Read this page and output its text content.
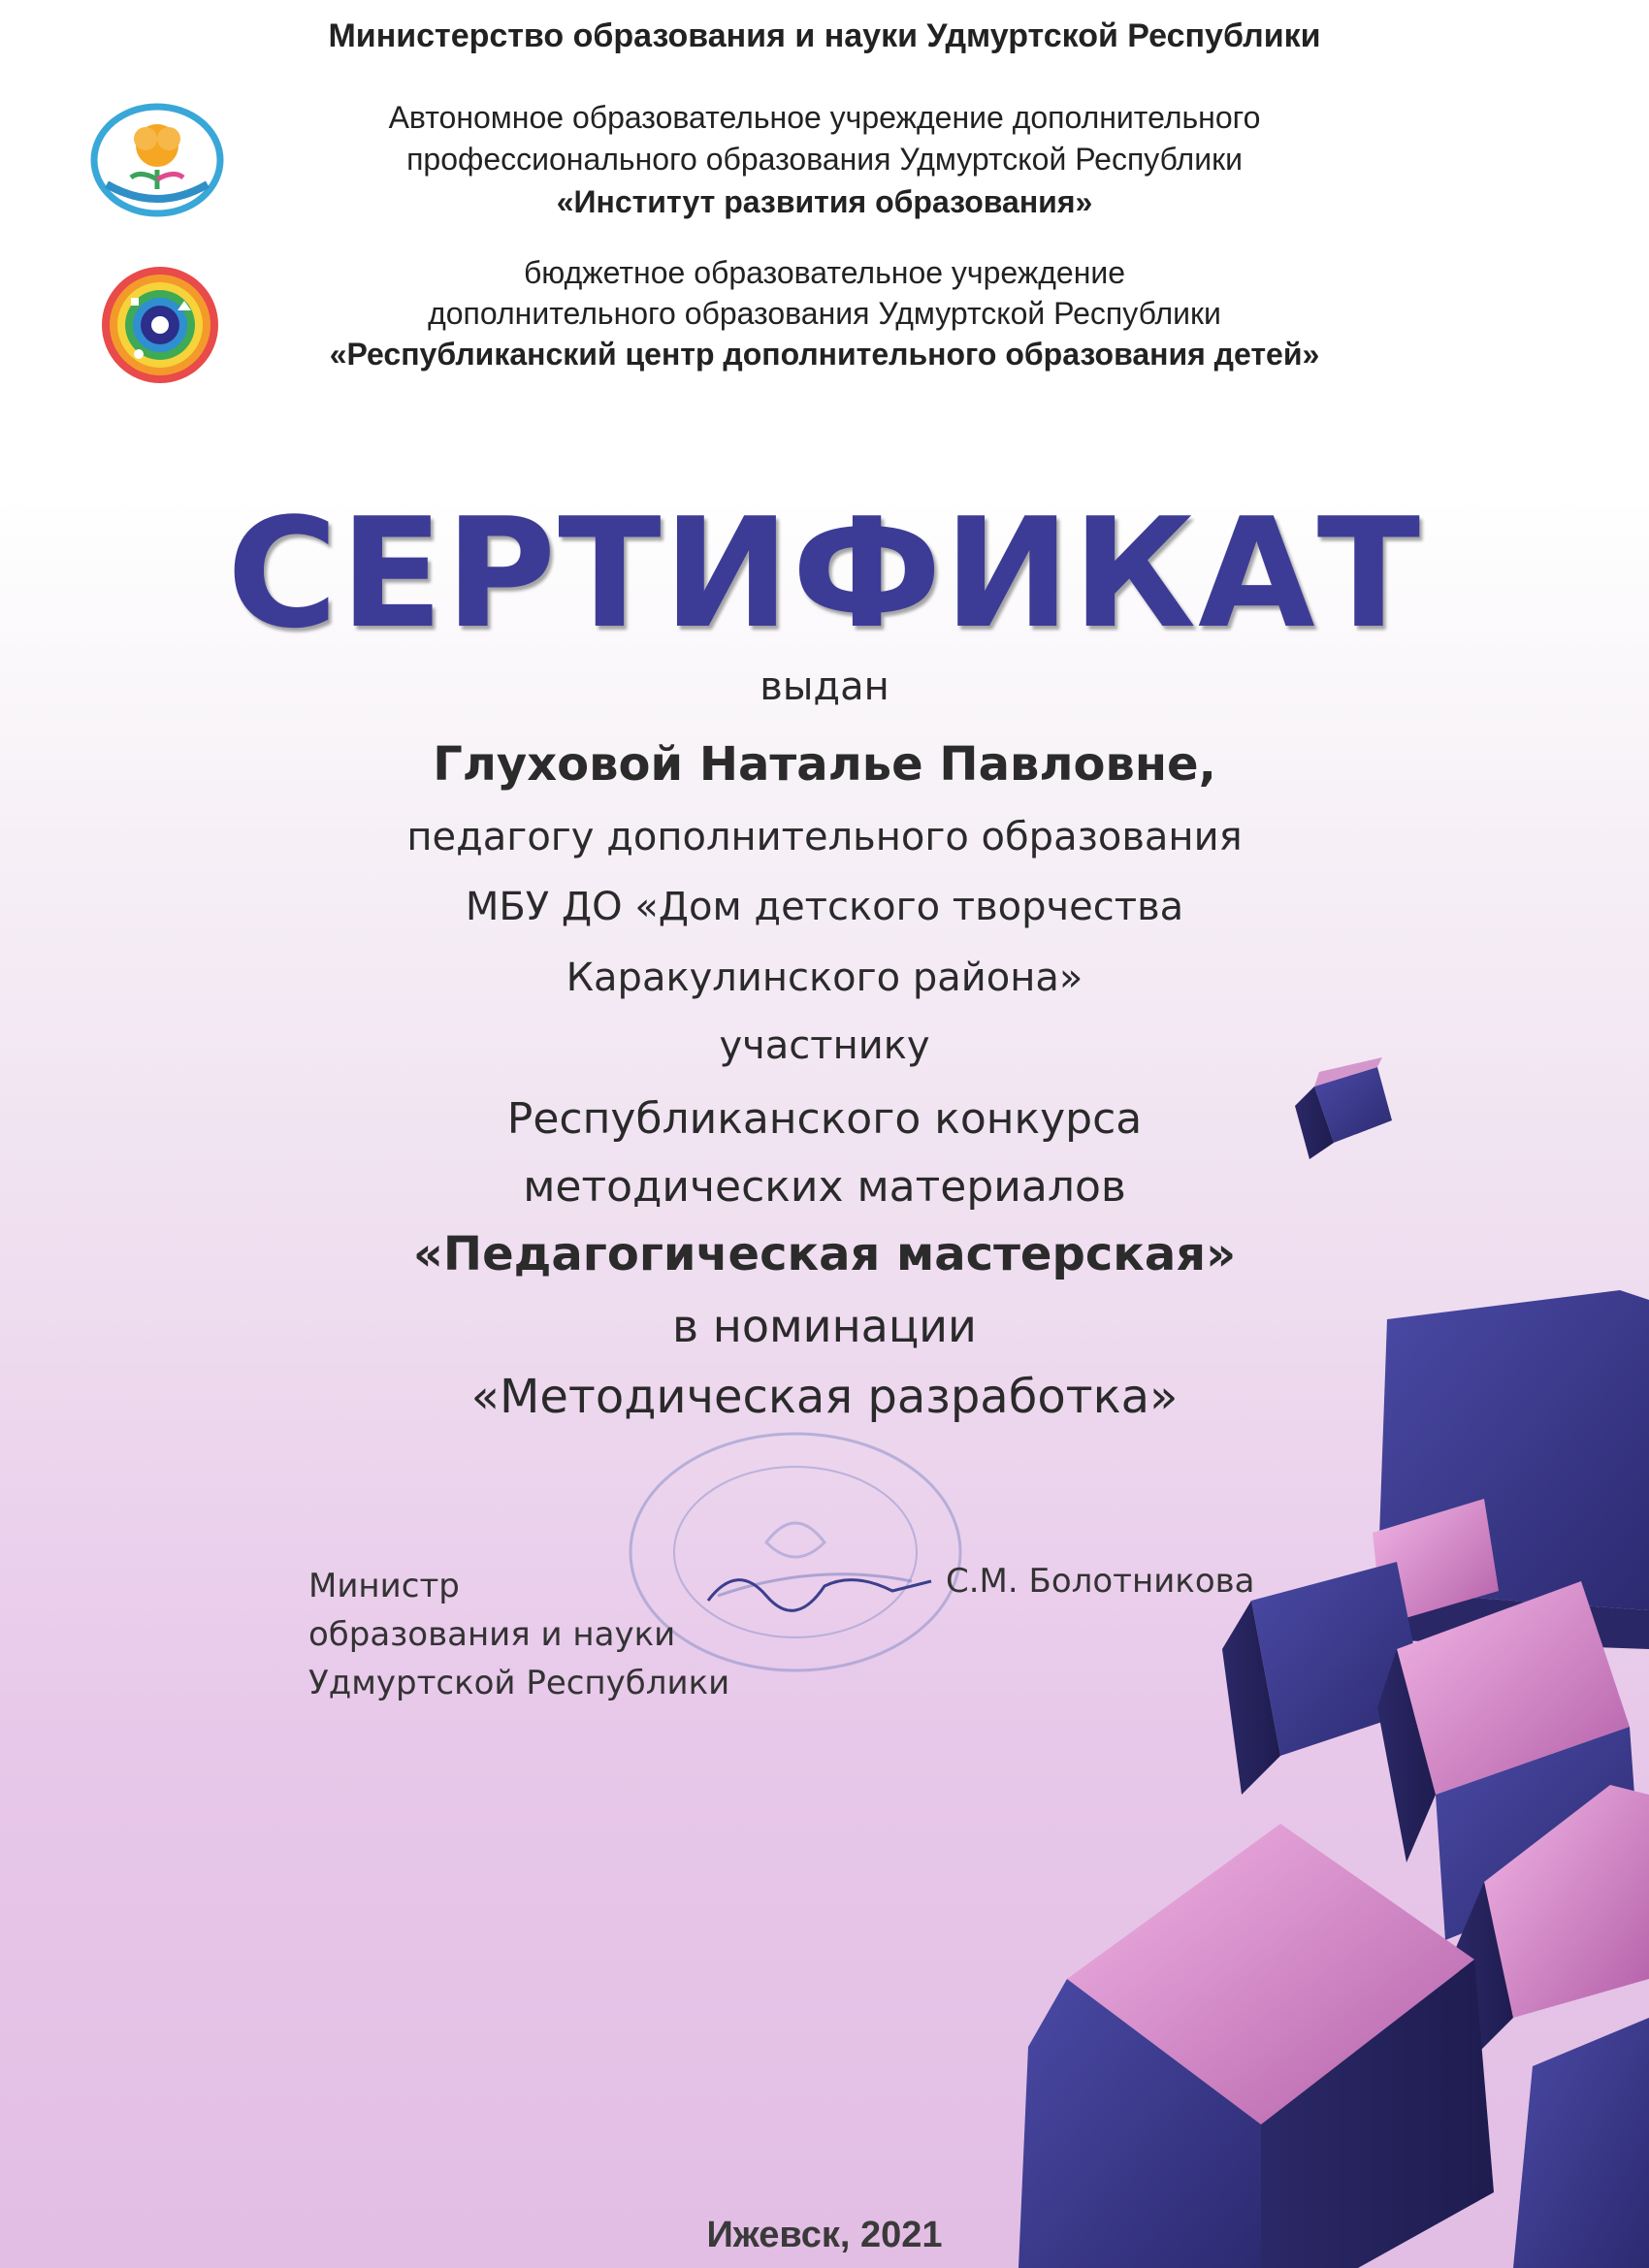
Министерство образования и науки Удмуртской Республики
Автономное образовательное учреждение дополнительного
профессионального образования Удмуртской Республики
«Институт развития образования»
бюджетное образовательное учреждение
дополнительного образования Удмуртской Республики
«Республиканский центр дополнительного образования детей»
СЕРТИФИКАТ
выдан
Глуховой Наталье Павловне,
педагогу дополнительного образования
МБУ ДО «Дом детского творчества
Каракулинского района»
участнику
Республиканского конкурса
методических материалов
«Педагогическая мастерская»
в номинации
«Методическая разработка»
Министр
образования и науки
Удмуртской Республики
С.М. Болотникова
Ижевск, 2021
